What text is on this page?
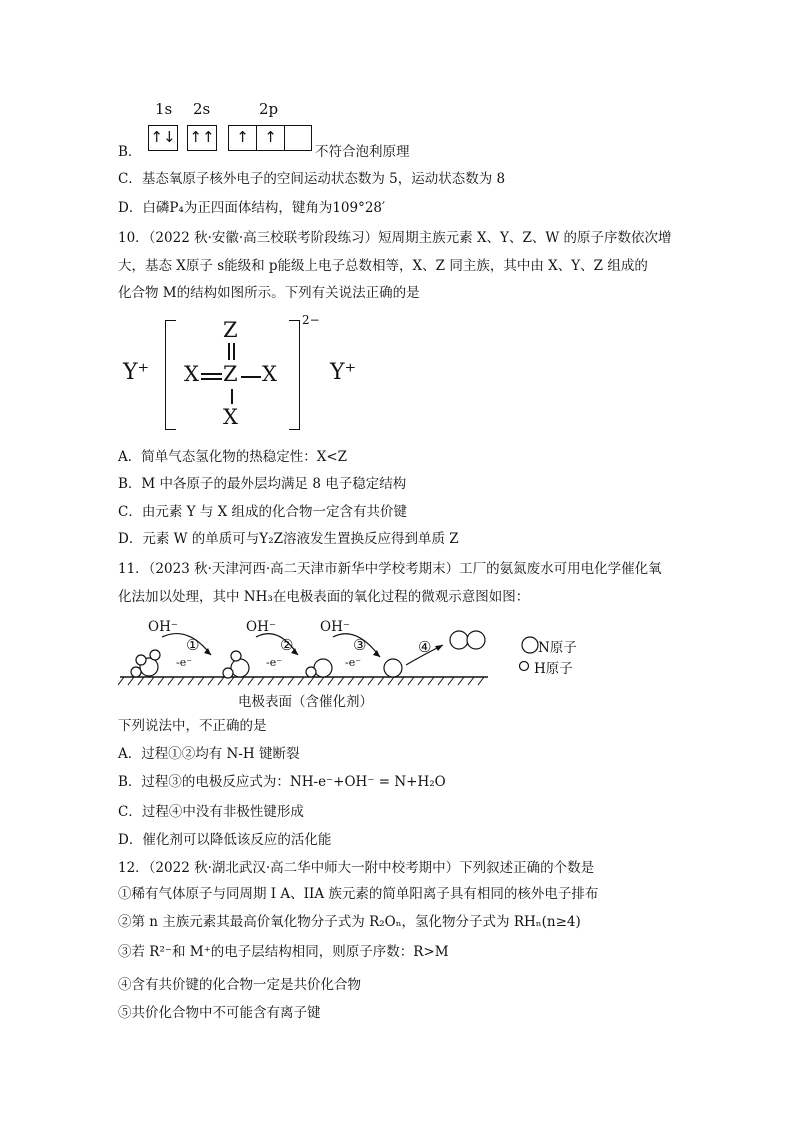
1s 2s	2p
↑↓ ↑↑	↑	↑
B．	不符合泡利原理
C．基态氧原子核外电子的空间运动状态数为 5，运动状态数为 8
D．白磷P₄为正四面体结构，键角为109°28′
10．（2022 秋·安徽·高三校联考阶段练习）短周期主族元素 X、Y、Z、W 的原子序数依次增
大，基态 X原子 s能级和 p能级上电子总数相等，X、Z 同主族，其中由 X、Y、Z 组成的
化合物 M的结构如图所示。下列有关说法正确的是
Y⁺
2−
Z
X Z X
X
Y⁺
A．简单气态氢化物的热稳定性：X<Z
B．M 中各原子的最外层均满足 8 电子稳定结构
C．由元素 Y 与 X 组成的化合物一定含有共价键
D．元素 W 的单质可与Y₂Z溶液发生置换反应得到单质 Z
11．（2023 秋·天津河西·高二天津市新华中学校考期末）工厂的氨氮废水可用电化学催化氧
化法加以处理，其中 NH₃在电极表面的氧化过程的微观示意图如图：
OH⁻	OH⁻	OH⁻
①	②	③	④
-e⁻	-e⁻	-e⁻
N原子
H原子
电极表面（含催化剂）
下列说法中，不正确的是
A．过程①②均有 N-H 键断裂
B．过程③的电极反应式为：NH-e⁻+OH⁻ = N+H₂O
C．过程④中没有非极性键形成
D．催化剂可以降低该反应的活化能
12．（2022 秋·湖北武汉·高二华中师大一附中校考期中）下列叙述正确的个数是
①稀有气体原子与同周期 I A、IIA 族元素的简单阳离子具有相同的核外电子排布
②第 n 主族元素其最高价氧化物分子式为 R₂Oₙ，氢化物分子式为 RHₙ(n≥4)
③若 R²⁻和 M⁺的电子层结构相同，则原子序数：R>M
④含有共价键的化合物一定是共价化合物
⑤共价化合物中不可能含有离子键
